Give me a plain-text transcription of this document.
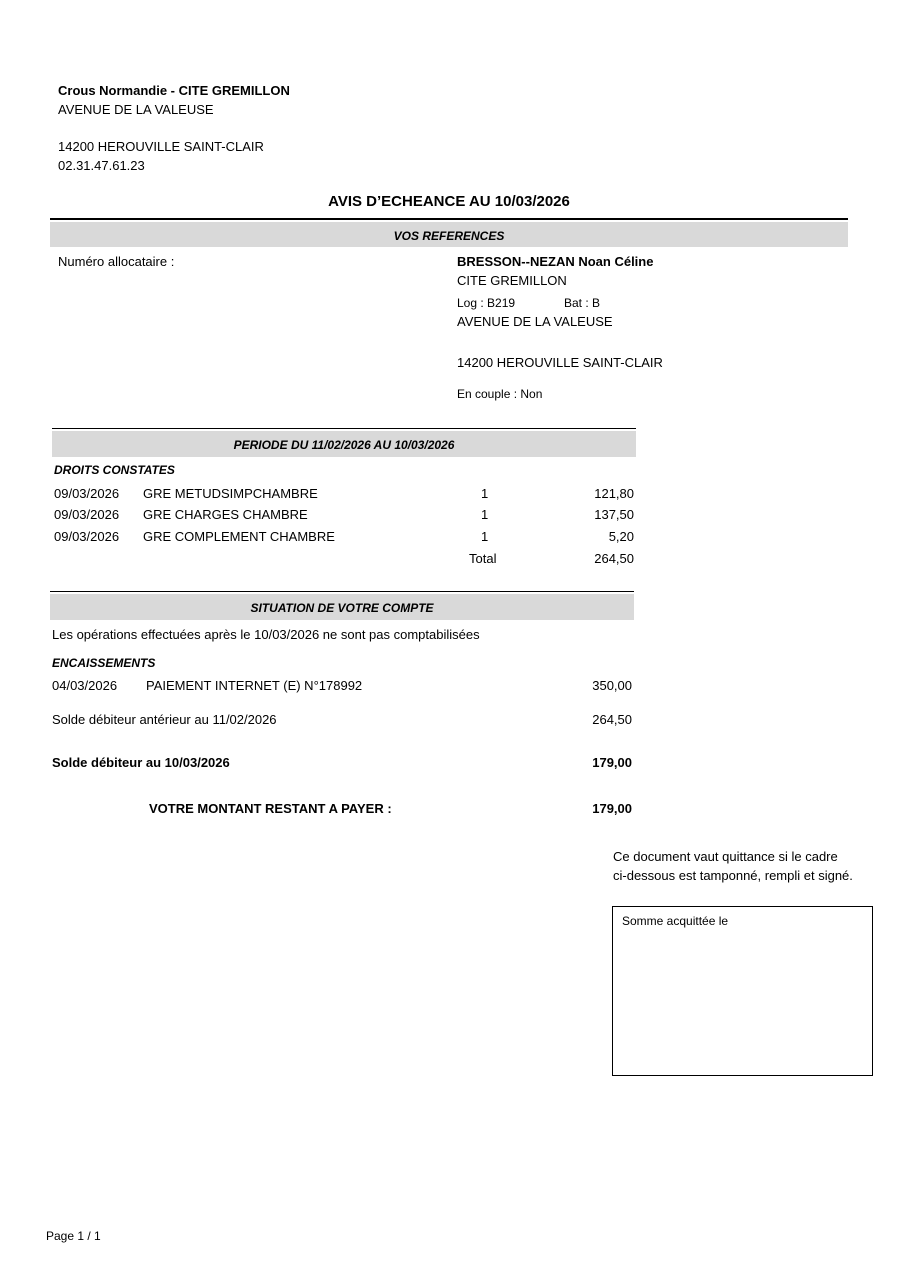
Crous Normandie - CITE GREMILLON
AVENUE DE LA VALEUSE
14200 HEROUVILLE SAINT-CLAIR
02.31.47.61.23
AVIS D’ECHEANCE AU 10/03/2026
VOS REFERENCES
Numéro allocataire :	BRESSON--NEZAN Noan Céline
CITE GREMILLON
Log : B219	Bat : B
AVENUE DE LA VALEUSE
14200 HEROUVILLE SAINT-CLAIR
En couple : Non
PERIODE DU 11/02/2026 AU 10/03/2026
DROITS CONSTATES
09/03/2026 GRE METUDSIMPCHAMBRE	1	121,80
09/03/2026 GRE CHARGES CHAMBRE	1	137,50
09/03/2026 GRE COMPLEMENT CHAMBRE	1	5,20
Total	264,50
SITUATION DE VOTRE COMPTE
Les opérations effectuées après le 10/03/2026 ne sont pas comptabilisées
ENCAISSEMENTS
04/03/2026 PAIEMENT INTERNET (E) N°178992	350,00
Solde débiteur antérieur au 11/02/2026	264,50
Solde débiteur au 10/03/2026	179,00
VOTRE MONTANT RESTANT A PAYER :	179,00
Ce document vaut quittance si le cadre
ci-dessous est tamponné, rempli et signé.
Somme acquittée le
Page 1 / 1
